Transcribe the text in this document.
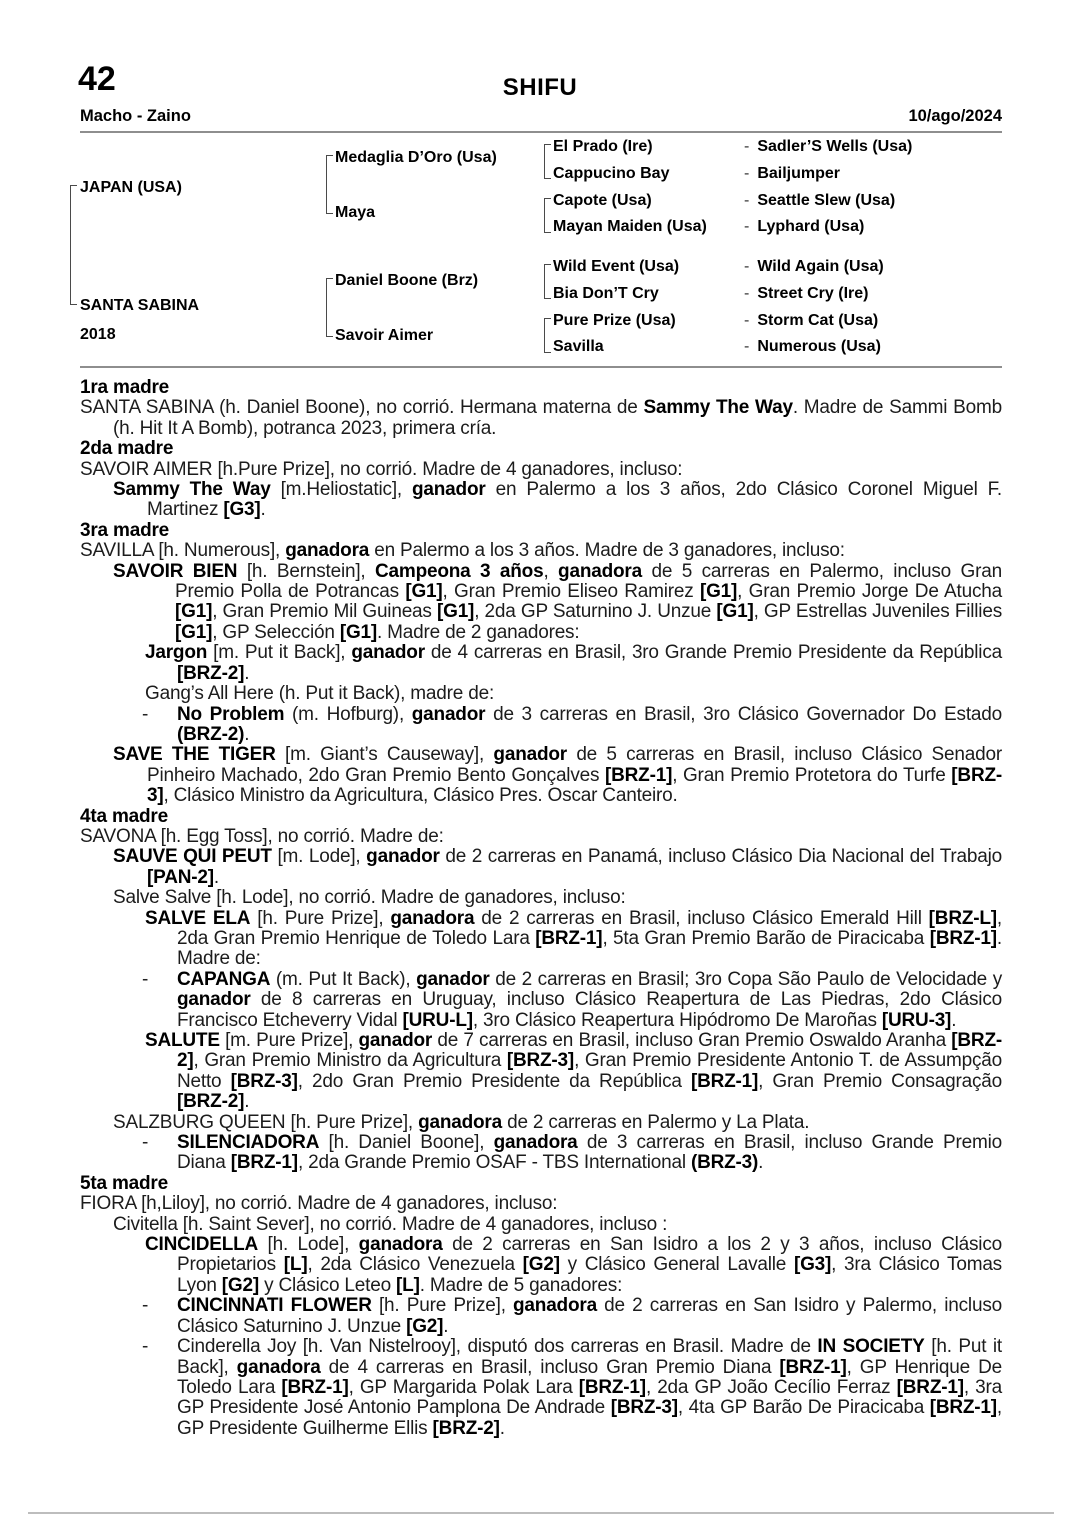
42	SHIFU
Macho - Zaino	10/ago/2024
JAPAN (USA)
SANTA SABINA
2018
Medaglia D’Oro (Usa)
Maya
Daniel Boone (Brz)
Savoir Aimer
El Prado (Ire)
Cappucino Bay
Capote (Usa)
Mayan Maiden (Usa)
Wild Event (Usa)
Bia Don’T Cry
Pure Prize (Usa)
Savilla
- Sadler’S Wells (Usa)
- Bailjumper
- Seattle Slew (Usa)
- Lyphard (Usa)
- Wild Again (Usa)
- Street Cry (Ire)
- Storm Cat (Usa)
- Numerous (Usa)
1ra madre
SANTA SABINA (h. Daniel Boone), no corrió. Hermana materna de Sammy The Way. Madre de Sammi Bomb (h. Hit It A Bomb), potranca 2023, primera cría.
2da madre
SAVOIR AIMER [h.Pure Prize], no corrió. Madre de 4 ganadores, incluso:
Sammy The Way [m.Heliostatic], ganador en Palermo a los 3 años, 2do Clásico Coronel Miguel F. Martinez [G3].
3ra madre
SAVILLA [h. Numerous], ganadora en Palermo a los 3 años. Madre de 3 ganadores, incluso:
SAVOIR BIEN [h. Bernstein], Campeona 3 años, ganadora de 5 carreras en Palermo, incluso Gran Premio Polla de Potrancas [G1], Gran Premio Eliseo Ramirez [G1], Gran Premio Jorge De Atucha [G1], Gran Premio Mil Guineas [G1], 2da GP Saturnino J. Unzue [G1], GP Estrellas Juveniles Fillies [G1], GP Selección [G1]. Madre de 2 ganadores:
Jargon [m. Put it Back], ganador de 4 carreras en Brasil, 3ro Grande Premio Presidente da República [BRZ-2].
Gang’s All Here (h. Put it Back), madre de:
- No Problem (m. Hofburg), ganador de 3 carreras en Brasil, 3ro Clásico Governador Do Estado (BRZ-2).
SAVE THE TIGER [m. Giant’s Causeway], ganador de 5 carreras en Brasil, incluso Clásico Senador Pinheiro Machado, 2do Gran Premio Bento Gonçalves [BRZ-1], Gran Premio Protetora do Turfe [BRZ-3], Clásico Ministro da Agricultura, Clásico Pres. Oscar Canteiro.
4ta madre
SAVONA [h. Egg Toss], no corrió. Madre de:
SAUVE QUI PEUT [m. Lode], ganador de 2 carreras en Panamá, incluso Clásico Dia Nacional del Trabajo [PAN-2].
Salve Salve [h. Lode], no corrió. Madre de ganadores, incluso:
SALVE ELA [h. Pure Prize], ganadora de 2 carreras en Brasil, incluso Clásico Emerald Hill [BRZ-L], 2da Gran Premio Henrique de Toledo Lara [BRZ-1], 5ta Gran Premio Barão de Piracicaba [BRZ-1]. Madre de:
- CAPANGA (m. Put It Back), ganador de 2 carreras en Brasil; 3ro Copa São Paulo de Velocidade y ganador de 8 carreras en Uruguay, incluso Clásico Reapertura de Las Piedras, 2do Clásico Francisco Etcheverry Vidal [URU-L], 3ro Clásico Reapertura Hipódromo De Maroñas [URU-3].
SALUTE [m. Pure Prize], ganador de 7 carreras en Brasil, incluso Gran Premio Oswaldo Aranha [BRZ-2], Gran Premio Ministro da Agricultura [BRZ-3], Gran Premio Presidente Antonio T. de Assumpção Netto [BRZ-3], 2do Gran Premio Presidente da República [BRZ-1], Gran Premio Consagração [BRZ-2].
SALZBURG QUEEN [h. Pure Prize], ganadora de 2 carreras en Palermo y La Plata.
- SILENCIADORA [h. Daniel Boone], ganadora de 3 carreras en Brasil, incluso Grande Premio Diana [BRZ-1], 2da Grande Premio OSAF - TBS International (BRZ-3).
5ta madre
FIORA [h,Liloy], no corrió. Madre de 4 ganadores, incluso:
Civitella [h. Saint Sever], no corrió. Madre de 4 ganadores, incluso :
CINCIDELLA [h. Lode], ganadora de 2 carreras en San Isidro a los 2 y 3 años, incluso Clásico Propietarios [L], 2da Clásico Venezuela [G2] y Clásico General Lavalle [G3], 3ra Clásico Tomas Lyon [G2] y Clásico Leteo [L]. Madre de 5 ganadores:
- CINCINNATI FLOWER [h. Pure Prize], ganadora de 2 carreras en San Isidro y Palermo, incluso Clásico Saturnino J. Unzue [G2].
- Cinderella Joy [h. Van Nistelrooy], disputó dos carreras en Brasil. Madre de IN SOCIETY [h. Put it Back], ganadora de 4 carreras en Brasil, incluso Gran Premio Diana [BRZ-1], GP Henrique De Toledo Lara [BRZ-1], GP Margarida Polak Lara [BRZ-1], 2da GP João Cecílio Ferraz [BRZ-1], 3ra GP Presidente José Antonio Pamplona De Andrade [BRZ-3], 4ta GP Barão De Piracicaba [BRZ-1], GP Presidente Guilherme Ellis [BRZ-2].
